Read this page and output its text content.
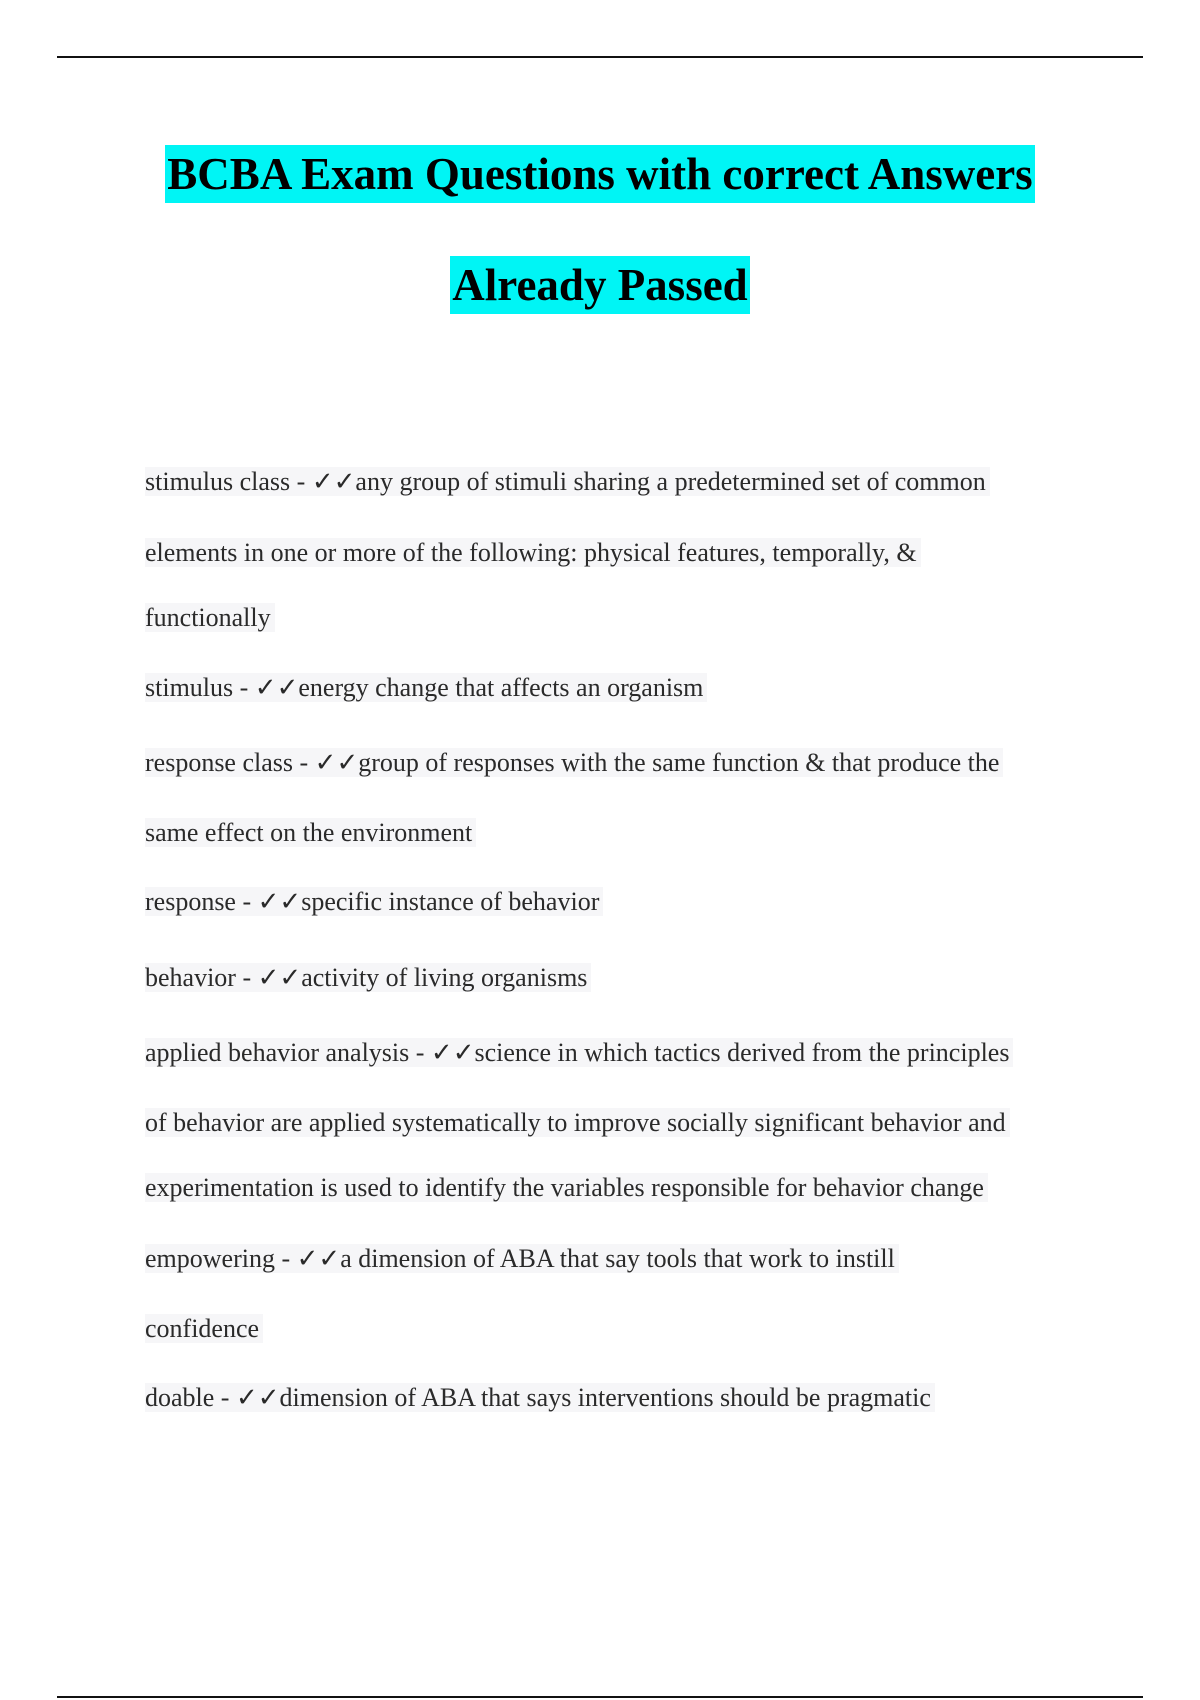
BCBA Exam Questions with correct Answers
Already Passed
stimulus class - ✓✓any group of stimuli sharing a predetermined set of common
elements in one or more of the following: physical features, temporally, &
functionally
stimulus - ✓✓energy change that affects an organism
response class - ✓✓group of responses with the same function & that produce the
same effect on the environment
response - ✓✓specific instance of behavior
behavior - ✓✓activity of living organisms
applied behavior analysis - ✓✓science in which tactics derived from the principles
of behavior are applied systematically to improve socially significant behavior and
experimentation is used to identify the variables responsible for behavior change
empowering - ✓✓a dimension of ABA that say tools that work to instill
confidence
doable - ✓✓dimension of ABA that says interventions should be pragmatic
